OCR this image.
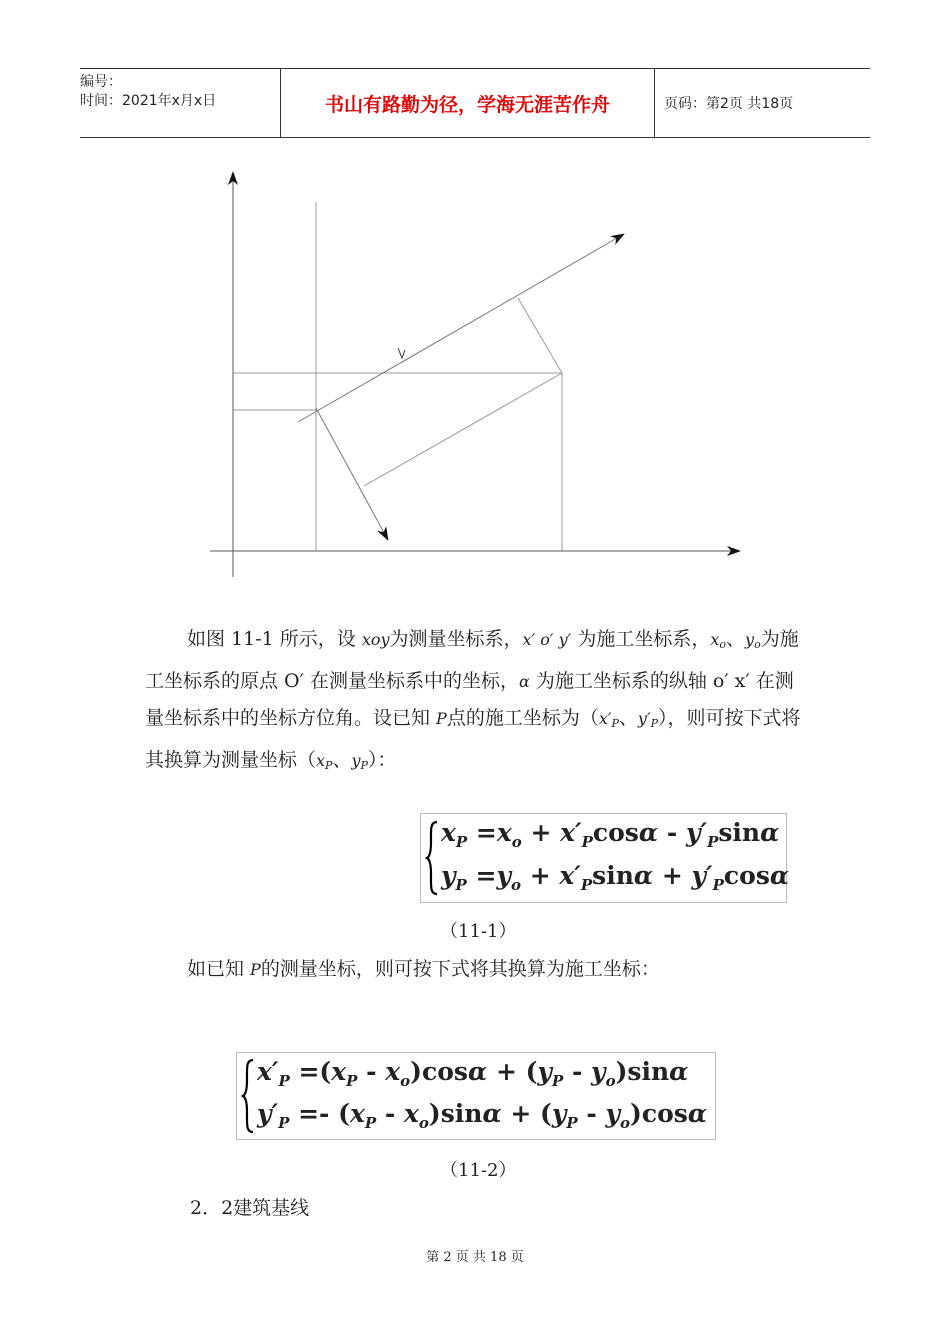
编号：
时间：2021年x月x日	书山有路勤为径，学海无涯苦作舟	页码：第2页 共18页
如图 11-1 所示，设 xoy为测量坐标系，x′ o′ y′ 为施工坐标系，$x_o$、$y_o$为施工坐标系的原点 O′ 在测量坐标系中的坐标，α 为施工坐标系的纵轴 o′ x′ 在测量坐标系中的坐标方位角。设已知 P点的施工坐标为（$x'_P$、$y'_P$），则可按下式将其换算为测量坐标（$x_P$、$y_P$）：
$x_P =x_o + x'_P\cos\alpha - y'_P\sin\alpha$
$y_P =y_o + x'_P\sin\alpha + y'_P\cos\alpha$
（11-1）
如已知 P的测量坐标，则可按下式将其换算为施工坐标：
$x'_P =(x_P - x_o)\cos\alpha + (y_P - y_o)\sin\alpha$
$y'_P =- (x_P - x_o)\sin\alpha + (y_P - y_o)\cos\alpha$
（11-2）
2．2建筑基线
第 2 页 共 18 页
